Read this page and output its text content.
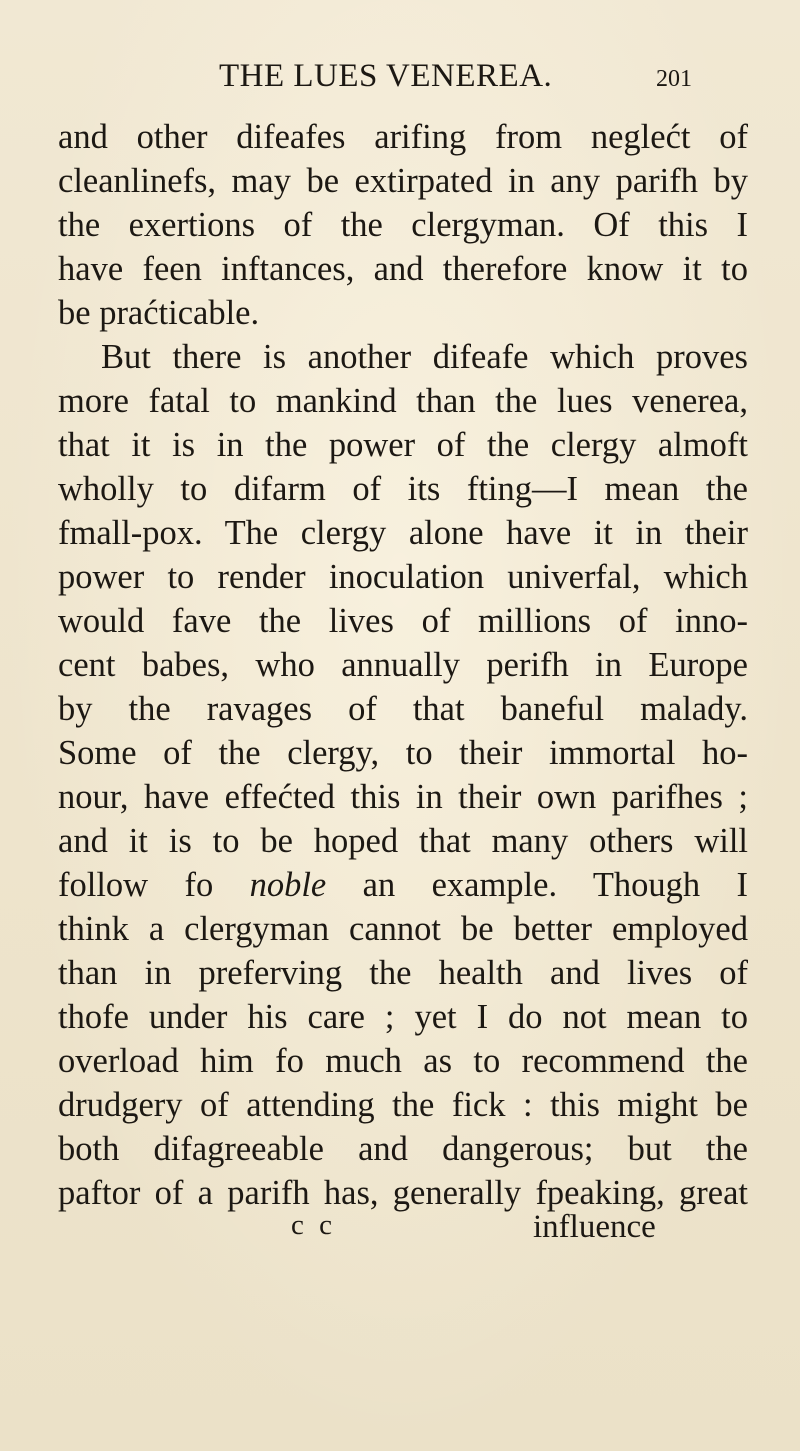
THE LUES VENEREA.	201
and other difeafes arifing from neglećt of
cleanlinefs, may be extirpated in any parifh by
the exertions of the clergyman. Of this I
have feen inftances, and therefore know it to
be praćticable.
But there is another difeafe which proves
more fatal to mankind than the lues venerea,
that it is in the power of the clergy almoft
wholly to difarm of its fting—I mean the
fmall-pox. The clergy alone have it in their
power to render inoculation univerfal, which
would fave the lives of millions of inno-
cent babes, who annually perifh in Europe
by the ravages of that baneful malady.
Some of the clergy, to their immortal ho-
nour, have effećted this in their own parifhes ;
and it is to be hoped that many others will
follow fo noble an example. Though I
think a clergyman cannot be better employed
than in preferving the health and lives of
thofe under his care ; yet I do not mean to
overload him fo much as to recommend the
drudgery of attending the fick : this might be
both difagreeable and dangerous; but the
paftor of a parifh has, generally fpeaking, great
c c	influence
